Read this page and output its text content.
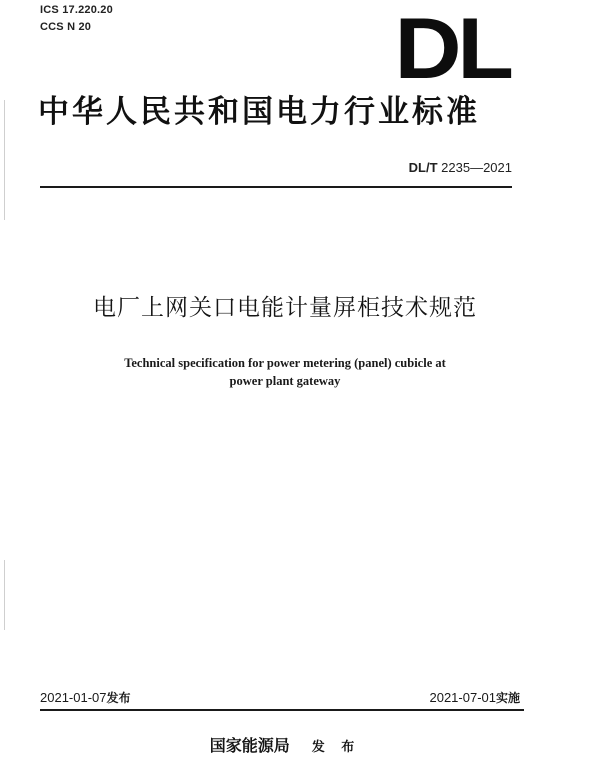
ICS 17.220.20
CCS N 20	DL
中华人民共和国电力行业标准
DL/T 2235—2021
电厂上网关口电能计量屏柜技术规范
Technical specification for power metering (panel) cubicle at
power plant gateway
2021-01-07发布	2021-07-01实施
国家能源局 发 布
